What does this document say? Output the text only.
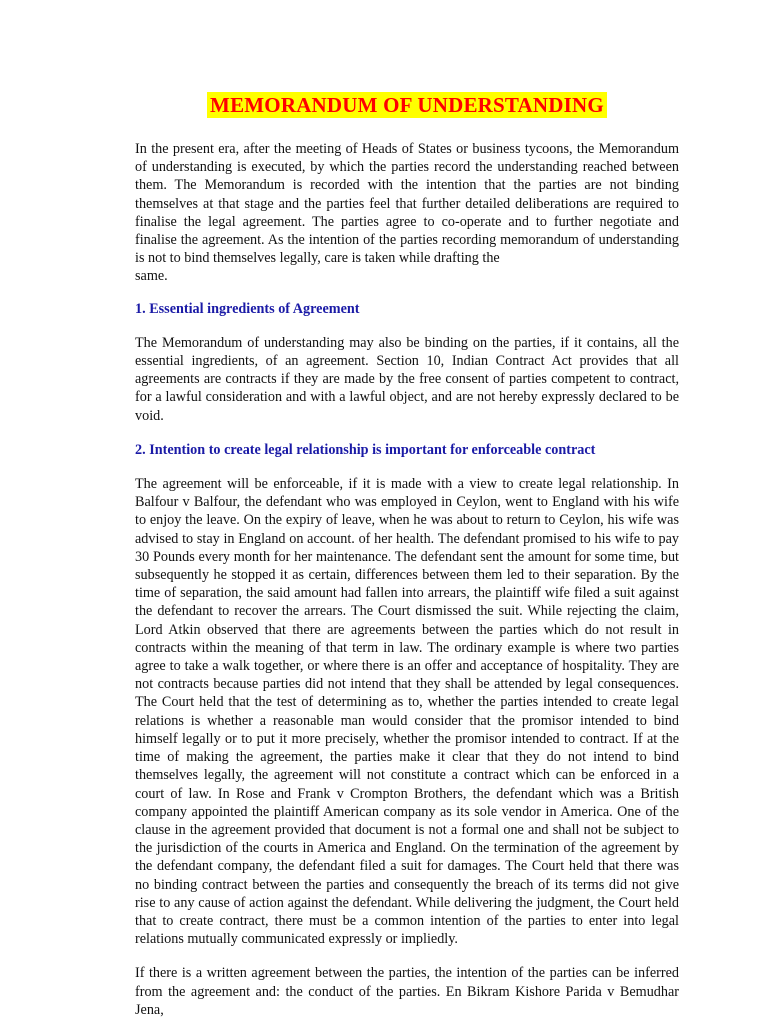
MEMORANDUM OF UNDERSTANDING

In the present era, after the meeting of Heads of States or business tycoons, the Memorandum of understanding is executed, by which the parties record the understanding reached between them. The Memorandum is recorded with the intention that the parties are not binding themselves at that stage and the parties feel that further detailed deliberations are required to finalise the legal agreement. The parties agree to co-operate and to further negotiate and finalise the agreement. As the intention of the parties recording memorandum of understanding is not to bind themselves legally, care is taken while drafting the

same.

1. Essential ingredients of Agreement

The Memorandum of understanding may also be binding on the parties, if it contains, all the essential ingredients, of an agreement. Section 10, Indian Contract Act provides that all agreements are contracts if they are made by the free consent of parties competent to contract, for a lawful consideration and with a lawful object, and are not hereby expressly declared to be void.

2. Intention to create legal relationship is important for enforceable contract

The agreement will be enforceable, if it is made with a view to create legal relationship. In Balfour v Balfour, the defendant who was employed in Ceylon, went to England with his wife to enjoy the leave. On the expiry of leave, when he was about to return to Ceylon, his wife was advised to stay in England on account. of her health. The defendant promised to his wife to pay 30 Pounds every month for her maintenance. The defendant sent the amount for some time, but subsequently he stopped it as certain, differences between them led to their separation. By the time of separation, the said amount had fallen into arrears, the plaintiff wife filed a suit against the defendant to recover the arrears. The Court dismissed the suit. While rejecting the claim, Lord Atkin observed that there are agreements between the parties which do not result in contracts within the meaning of that term in law. The ordinary example is where two parties agree to take a walk together, or where there is an offer and acceptance of hospitality. They are not contracts because parties did not intend that they shall be attended by legal consequences. The Court held that the test of determining as to, whether the parties intended to create legal relations is whether a reasonable man would consider that the promisor intended to bind himself legally or to put it more precisely, whether the promisor intended to contract. If at the time of making the agreement, the parties make it clear that they do not intend to bind themselves legally, the agreement will not constitute a contract which can be enforced in a court of law. In Rose and Frank v Crompton Brothers, the defendant which was a British company appointed the plaintiff American company as its sole vendor in America. One of the clause in the agreement provided that document is not a formal one and shall not be subject to the jurisdiction of the courts in America and England. On the termination of the agreement by the defendant company, the defendant filed a suit for damages. The Court held that there was no binding contract between the parties and consequently the breach of its terms did not give rise to any cause of action against the defendant. While delivering the judgment, the Court held that to create contract, there must be a common intention of the parties to enter into legal relations mutually communicated expressly or impliedly.

If there is a written agreement between the parties, the intention of the parties can be inferred from the agreement and: the conduct of the parties. En Bikram Kishore Parida v Bemudhar Jena,
